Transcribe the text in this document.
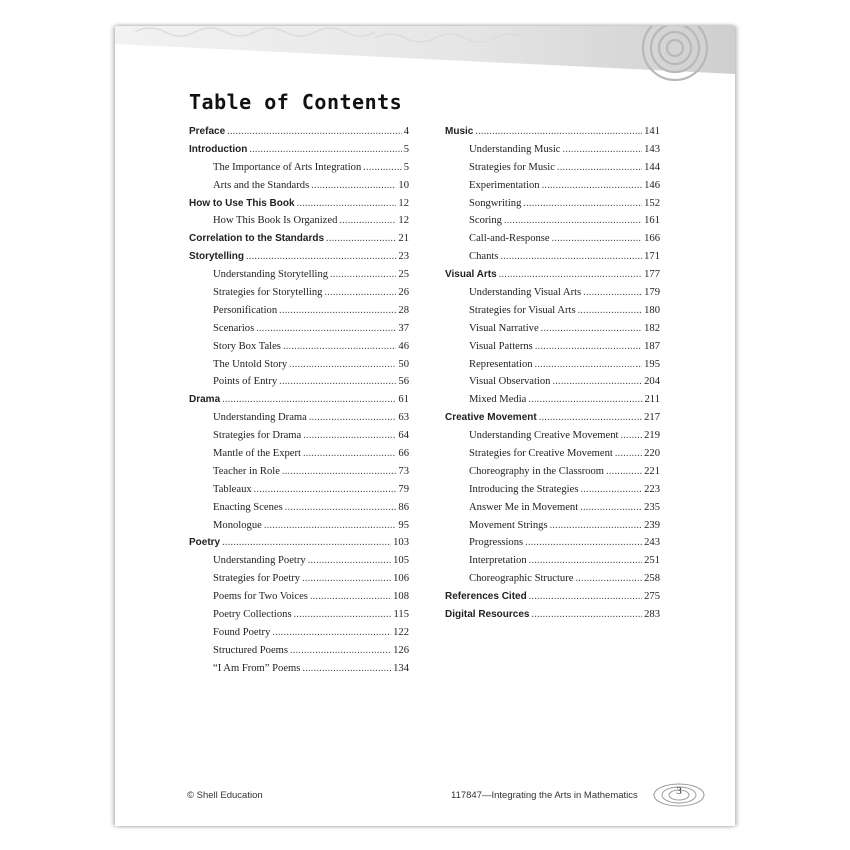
Table of Contents
Preface . . .	4
Introduction . . .	5
The Importance of Arts Integration . . .	5
Arts and the Standards . . .	10
How to Use This Book . . .	12
How This Book Is Organized . . .	12
Correlation to the Standards . . .	21
Storytelling . . .	23
Understanding Storytelling . . .	25
Strategies for Storytelling . . .	26
Personification . . .	28
Scenarios . . .	37
Story Box Tales . . .	46
The Untold Story . . .	50
Points of Entry . . .	56
Drama . . .	61
Understanding Drama . . .	63
Strategies for Drama . . .	64
Mantle of the Expert . . .	66
Teacher in Role . . .	73
Tableaux . . .	79
Enacting Scenes . . .	86
Monologue . . .	95
Poetry . . .	103
Understanding Poetry . . .	105
Strategies for Poetry . . .	106
Poems for Two Voices . . .	108
Poetry Collections . . .	115
Found Poetry . . .	122
Structured Poems . . .	126
“I Am From” Poems . . .	134
Music . . .	141
Understanding Music . . .	143
Strategies for Music . . .	144
Experimentation . . .	146
Songwriting . . .	152
Scoring . . .	161
Call-and-Response . . .	166
Chants . . .	171
Visual Arts . . .	177
Understanding Visual Arts . . .	179
Strategies for Visual Arts . . .	180
Visual Narrative . . .	182
Visual Patterns . . .	187
Representation . . .	195
Visual Observation . . .	204
Mixed Media . . .	211
Creative Movement . . .	217
Understanding Creative Movement . . . 219
Strategies for Creative Movement . . .	220
Choreography in the Classroom . . .	221
Introducing the Strategies . . .	223
Answer Me in Movement . . .	235
Movement Strings . . .	239
Progressions . . .	243
Interpretation . . .	251
Choreographic Structure . . .	258
References Cited . . .	275
Digital Resources . . .	283
© Shell Education	117847—Integrating the Arts in Mathematics	3
